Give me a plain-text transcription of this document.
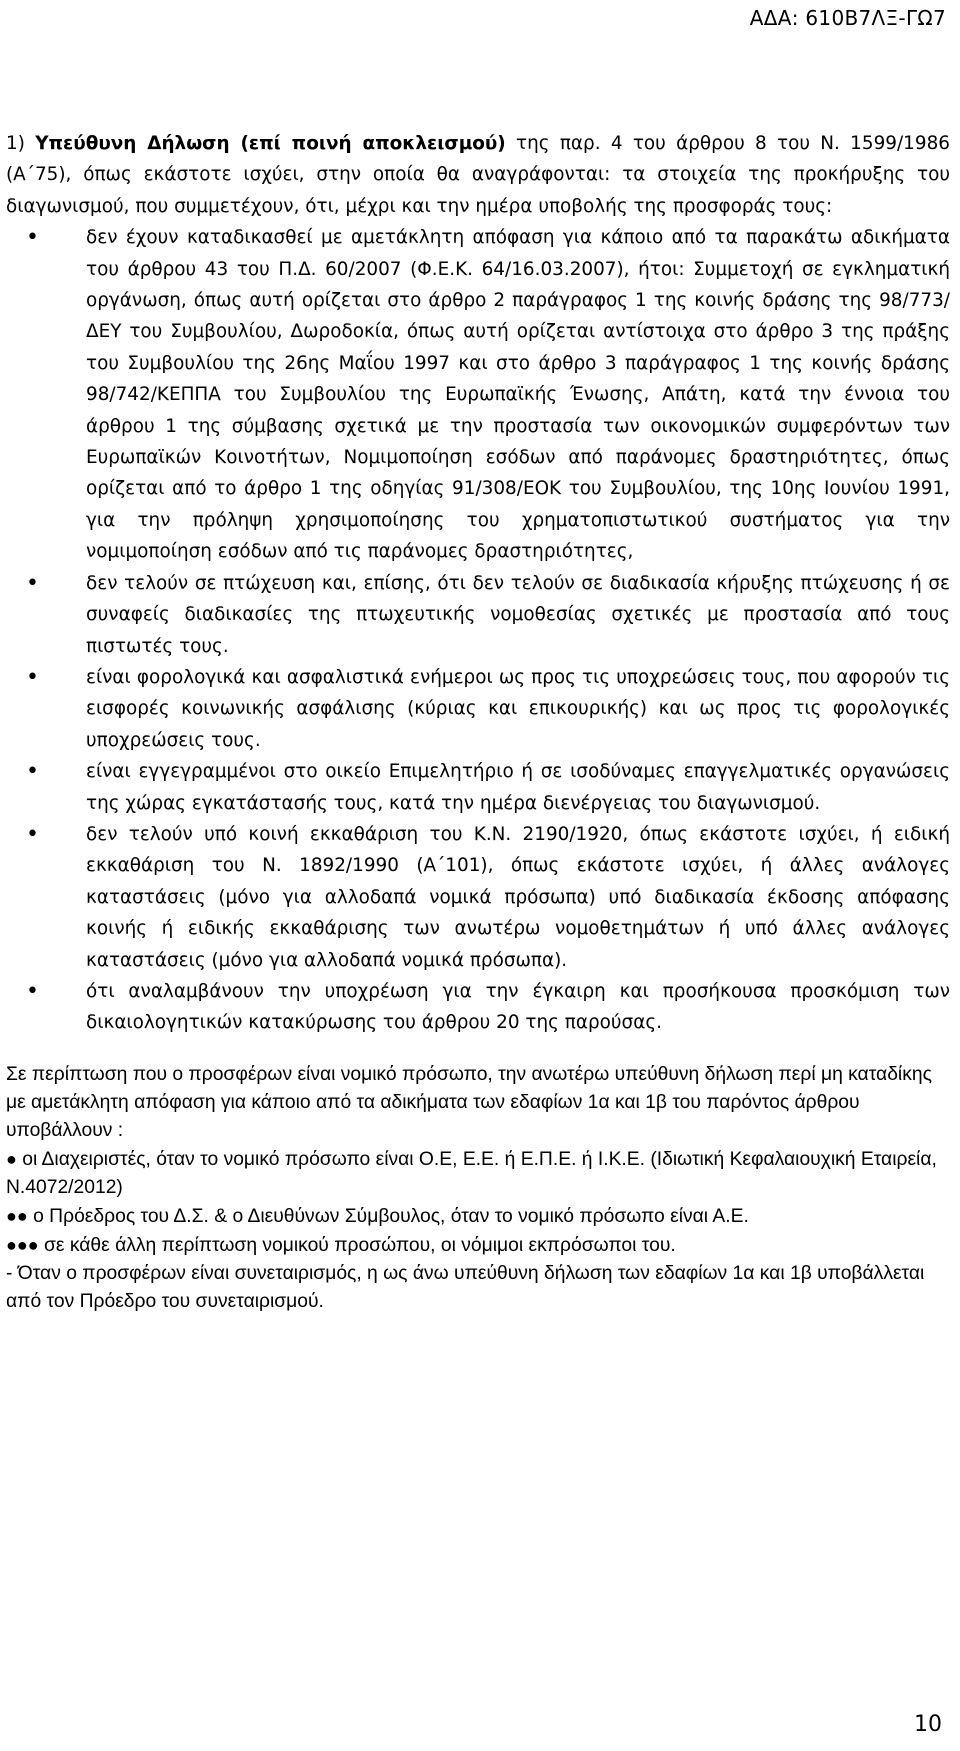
ΑΔΑ: 610Β7ΛΞ-ΓΩ7

1) Υπεύθυνη Δήλωση (επί ποινή αποκλεισμού) της παρ. 4 του άρθρου 8 του Ν. 1599/1986 (Α΄75), όπως εκάστοτε ισχύει, στην οποία θα αναγράφονται: τα στοιχεία της προκήρυξης του διαγωνισμού, που συμμετέχουν, ότι, μέχρι και την ημέρα υποβολής της προσφοράς τους:

• δεν έχουν καταδικασθεί με αμετάκλητη απόφαση για κάποιο από τα παρακάτω αδικήματα του άρθρου 43 του Π.Δ. 60/2007 (Φ.Ε.Κ. 64/16.03.2007), ήτοι: Συμμετοχή σε εγκληματική οργάνωση, όπως αυτή ορίζεται στο άρθρο 2 παράγραφος 1 της κοινής δράσης της 98/773/ΔΕΥ του Συμβουλίου, Δωροδοκία, όπως αυτή ορίζεται αντίστοιχα στο άρθρο 3 της πράξης του Συμβουλίου της 26ης Μαΐου 1997 και στο άρθρο 3 παράγραφος 1 της κοινής δράσης 98/742/ΚΕΠΠΑ του Συμβουλίου της Ευρωπαϊκής Ένωσης, Απάτη, κατά την έννοια του άρθρου 1 της σύμβασης σχετικά με την προστασία των οικονομικών συμφερόντων των Ευρωπαϊκών Κοινοτήτων, Νομιμοποίηση εσόδων από παράνομες δραστηριότητες, όπως ορίζεται από το άρθρο 1 της οδηγίας 91/308/ΕΟΚ του Συμβουλίου, της 10ης Ιουνίου 1991, για την πρόληψη χρησιμοποίησης του χρηματοπιστωτικού συστήματος για την νομιμοποίηση εσόδων από τις παράνομες δραστηριότητες,
• δεν τελούν σε πτώχευση και, επίσης, ότι δεν τελούν σε διαδικασία κήρυξης πτώχευσης ή σε συναφείς διαδικασίες της πτωχευτικής νομοθεσίας σχετικές με προστασία από τους πιστωτές τους.
• είναι φορολογικά και ασφαλιστικά ενήμεροι ως προς τις υποχρεώσεις τους, που αφορούν τις εισφορές κοινωνικής ασφάλισης (κύριας και επικουρικής) και ως προς τις φορολογικές υποχρεώσεις τους.
• είναι εγγεγραμμένοι στο οικείο Επιμελητήριο ή σε ισοδύναμες επαγγελματικές οργανώσεις της χώρας εγκατάστασής τους, κατά την ημέρα διενέργειας του διαγωνισμού.
• δεν τελούν υπό κοινή εκκαθάριση του Κ.Ν. 2190/1920, όπως εκάστοτε ισχύει, ή ειδική εκκαθάριση του Ν. 1892/1990 (Α΄101), όπως εκάστοτε ισχύει, ή άλλες ανάλογες καταστάσεις (μόνο για αλλοδαπά νομικά πρόσωπα) υπό διαδικασία έκδοσης απόφασης κοινής ή ειδικής εκκαθάρισης των ανωτέρω νομοθετημάτων ή υπό άλλες ανάλογες καταστάσεις (μόνο για αλλοδαπά νομικά πρόσωπα).
• ότι αναλαμβάνουν την υποχρέωση για την έγκαιρη και προσήκουσα προσκόμιση των δικαιολογητικών κατακύρωσης του άρθρου 20 της παρούσας.

Σε περίπτωση που ο προσφέρων είναι νομικό πρόσωπο, την ανωτέρω υπεύθυνη δήλωση περί μη καταδίκης με αμετάκλητη απόφαση για κάποιο από τα αδικήματα των εδαφίων 1α και 1β του παρόντος άρθρου υποβάλλουν :

● οι Διαχειριστές, όταν το νομικό πρόσωπο είναι Ο.Ε, Ε.Ε. ή Ε.Π.Ε. ή Ι.Κ.Ε. (Ιδιωτική Κεφαλαιουχική Εταιρεία, Ν.4072/2012)

●● ο Πρόεδρος του Δ.Σ. & ο Διευθύνων Σύμβουλος, όταν το νομικό πρόσωπο είναι Α.Ε.

●●● σε κάθε άλλη περίπτωση νομικού προσώπου, οι νόμιμοι εκπρόσωποι του.

- Όταν ο προσφέρων είναι συνεταιρισμός, η ως άνω υπεύθυνη δήλωση των εδαφίων 1α και 1β υποβάλλεται από τον Πρόεδρο του συνεταιρισμού.

10
